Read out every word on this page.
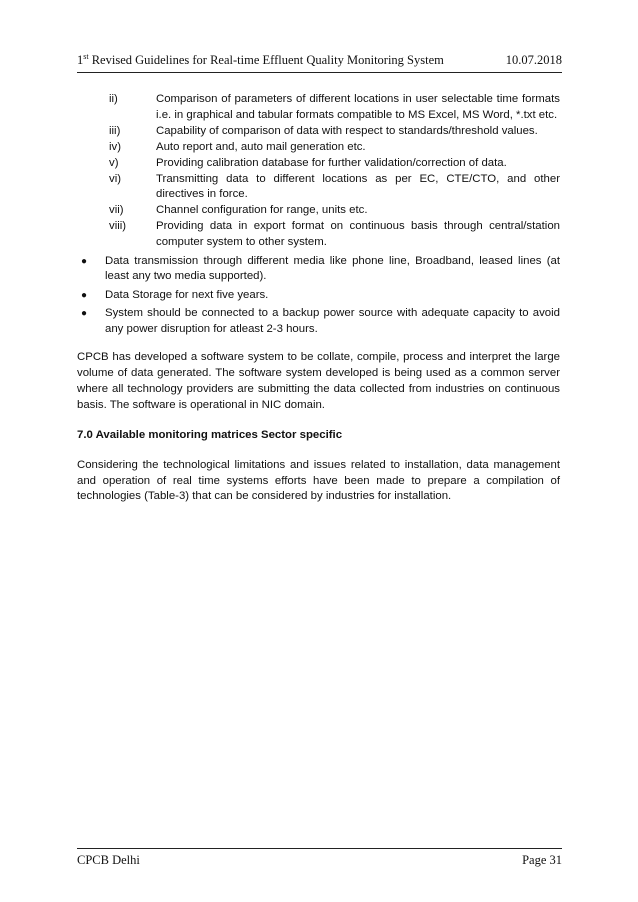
1st Revised Guidelines for Real-time Effluent Quality Monitoring System	10.07.2018
ii)	Comparison of parameters of different locations in user selectable time formats i.e. in graphical and tabular formats compatible to MS Excel, MS Word, *.txt etc.
iii)	Capability of comparison of data with respect to standards/threshold values.
iv)	Auto report and, auto mail generation etc.
v)	Providing calibration database for further validation/correction of data.
vi)	Transmitting data to different locations as per EC, CTE/CTO, and other directives in force.
vii)	Channel configuration for range, units etc.
viii)	Providing data in export format on continuous basis through central/station computer system to other system.
●	Data transmission through different media like phone line, Broadband, leased lines (at least any two media supported).
●	Data Storage for next five years.
●	System should be connected to a backup power source with adequate capacity to avoid any power disruption for atleast 2-3 hours.

CPCB has developed a software system to be collate, compile, process and interpret the large volume of data generated. The software system developed is being used as a common server where all technology providers are submitting the data collected from industries on continuous basis. The software is operational in NIC domain.

7.0 Available monitoring matrices Sector specific

Considering the technological limitations and issues related to installation, data management and operation of real time systems efforts have been made to prepare a compilation of technologies (Table-3) that can be considered by industries for installation.

CPCB Delhi	Page 31
